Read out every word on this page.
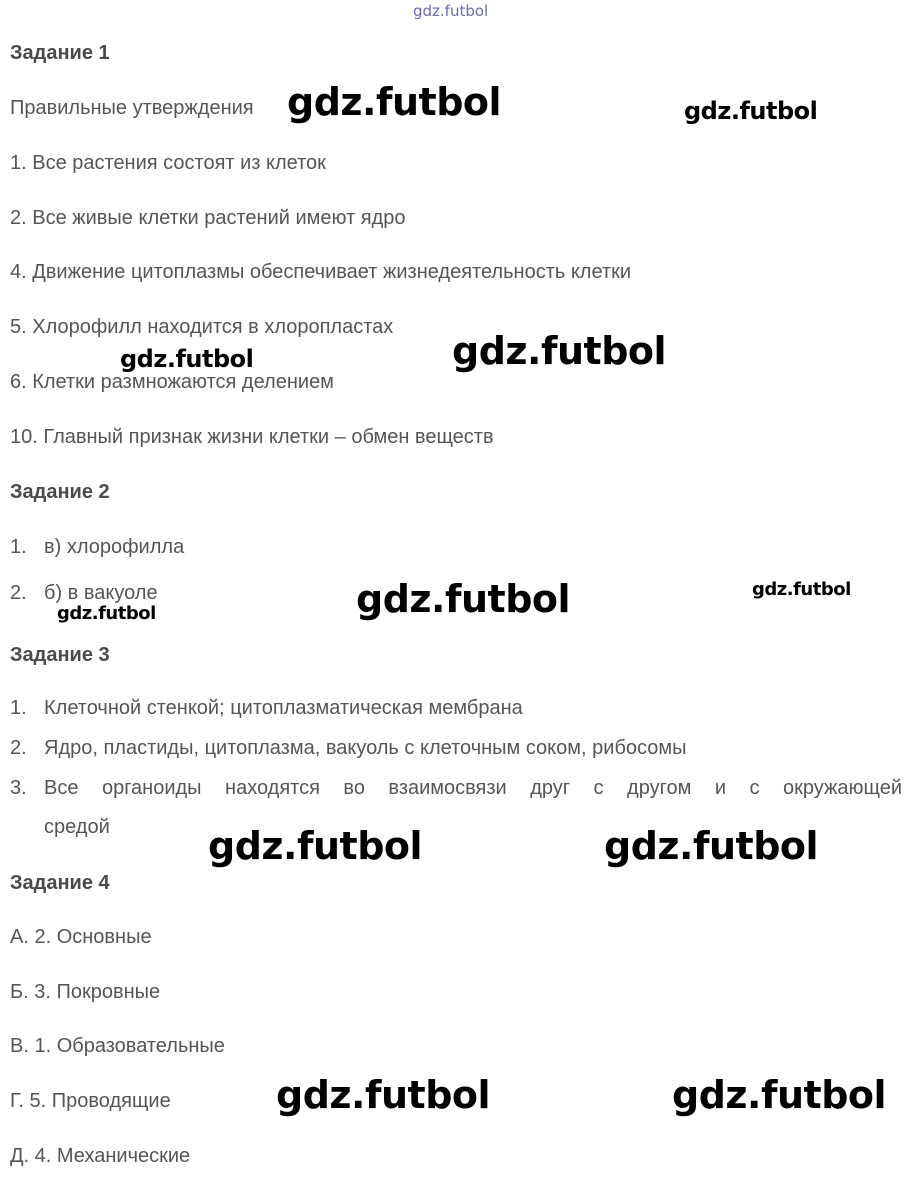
gdz.futbol
Задание 1
Правильные утверждения
1. Все растения состоят из клеток
2. Все живые клетки растений имеют ядро
4. Движение цитоплазмы обеспечивает жизнедеятельность клетки
5. Хлорофилл находится в хлоропластах
6. Клетки размножаются делением
10. Главный признак жизни клетки – обмен веществ
Задание 2
1. в) хлорофилла
2. б) в вакуоле
Задание 3
1. Клеточной стенкой; цитоплазматическая мембрана
2. Ядро, пластиды, цитоплазма, вакуоль с клеточным соком, рибосомы
3. Все органоиды находятся во взаимосвязи друг с другом и с окружающей
средой
Задание 4
А. 2. Основные
Б. 3. Покровные
В. 1. Образовательные
Г. 5. Проводящие
Д. 4. Механические
gdz.futbol	gdz.futbol
gdz.futbol	gdz.futbol
gdz.futbol	gdz.futbol
gdz.futbol
gdz.futbol	gdz.futbol
gdz.futbol	gdz.futbol
